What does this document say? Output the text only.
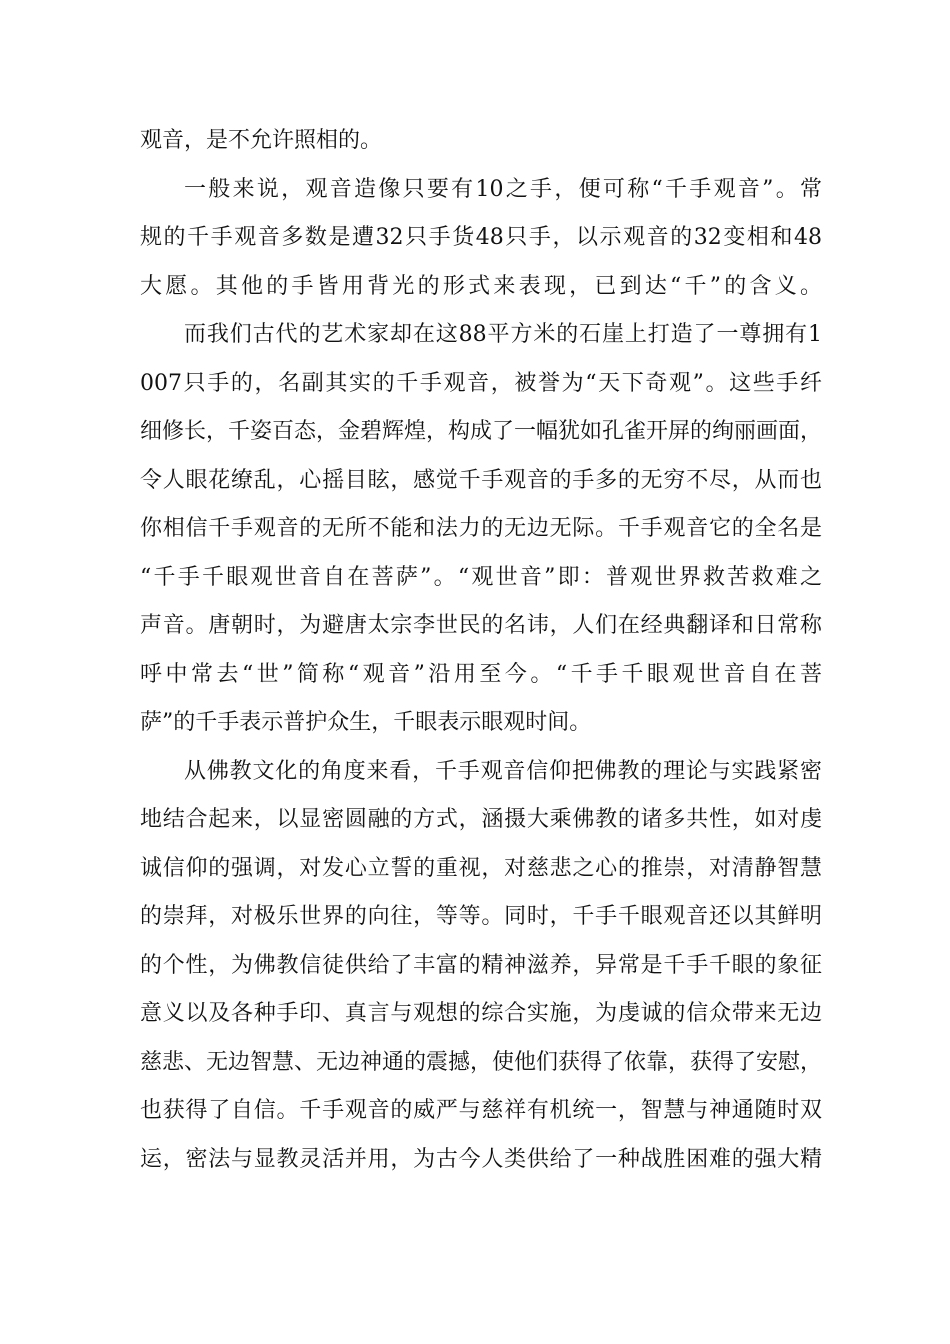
观音，是不允许照相的。
一般来说，观音造像只要有10之手，便可称“千手观音”。常
规的千手观音多数是遭32只手货48只手，以示观音的32变相和48
大愿。其他的手皆用背光的形式来表现，已到达“千”的含义。
而我们古代的艺术家却在这88平方米的石崖上打造了一尊拥有1
007只手的，名副其实的千手观音，被誉为“天下奇观”。这些手纤
细修长，千姿百态，金碧辉煌，构成了一幅犹如孔雀开屏的绚丽画面，
令人眼花缭乱，心摇目眩，感觉千手观音的手多的无穷不尽，从而也
你相信千手观音的无所不能和法力的无边无际。千手观音它的全名是
“千手千眼观世音自在菩萨”。“观世音”即：普观世界救苦救难之
声音。唐朝时，为避唐太宗李世民的名讳，人们在经典翻译和日常称
呼中常去“世”简称“观音”沿用至今。“千手千眼观世音自在菩
萨”的千手表示普护众生，千眼表示眼观时间。
从佛教文化的角度来看，千手观音信仰把佛教的理论与实践紧密
地结合起来，以显密圆融的方式，涵摄大乘佛教的诸多共性，如对虔
诚信仰的强调，对发心立誓的重视，对慈悲之心的推崇，对清静智慧
的崇拜，对极乐世界的向往，等等。同时，千手千眼观音还以其鲜明
的个性，为佛教信徒供给了丰富的精神滋养，异常是千手千眼的象征
意义以及各种手印、真言与观想的综合实施，为虔诚的信众带来无边
慈悲、无边智慧、无边神通的震撼，使他们获得了依靠，获得了安慰，
也获得了自信。千手观音的威严与慈祥有机统一，智慧与神通随时双
运，密法与显教灵活并用，为古今人类供给了一种战胜困难的强大精
